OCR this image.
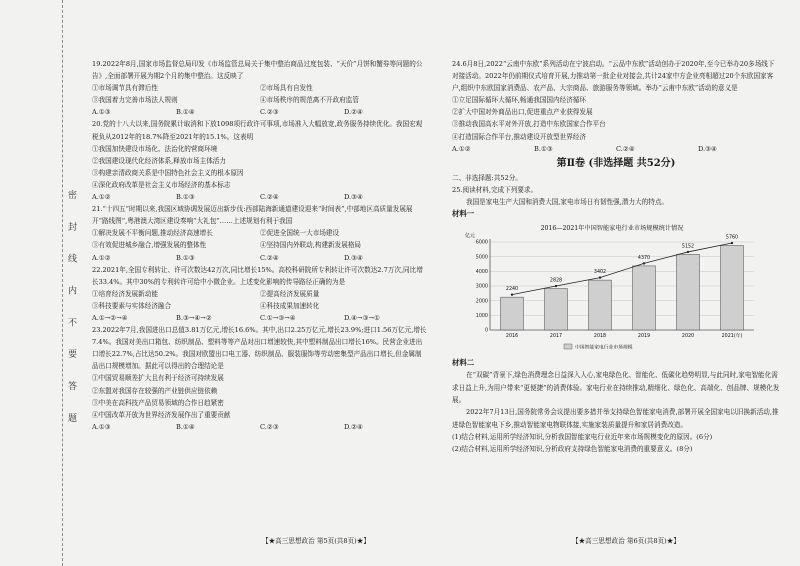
密 封 线 内 不 要 答 题

19.2022年8月,国家市场监督总局印发《市场监管总局关于集中整治商品过度包装、“天价”月饼和蟹券等问题的公告》,全面部署开展为期2个月的集中整治。这反映了

①市场调节具有滞后性	②市场具有自发性
③我国着力完善市场法人规则	④市场秩序的规范离不开政府监管
A.①③	B.①④	C.②③	D.②④

20.党的十八大以来,国务院累计取消和下放1098项行政许可事项,市场准入大幅放宽,政务服务持续优化。我国宏观税负从2012年的18.7%降至2021年的15.1%。这表明

①我国加快建设市场化、法治化的营商环境
②我国建设现代化经济体系,释放市场主体活力
③构建亲清政商关系是中国特色社会主义的根本原因
④深化政府改革是社会主义市场经济的基本标志
A.①②	B.①③	C.②④	D.③④

21.“十四五”时期以来,我国区域协调发展迈出新步伐:西部陆海新通道建设迎来“时间表”,中部地区高质量发展展开“路线图”,粤港澳大湾区建设奏响“大礼包”……上述规划有利于我国

①解决发展不平衡问题,推动经济高速增长	②促进全国统一大市场建设
③有效促进城乡融合,增强发展的整体性	④坚持国内外联动,构建新发展格局
A.①②	B.①③	C.②④	D.③④

22.2021年,全国专利转让、许可次数达42万次,同比增长15%。高校科研院所专利转让许可次数达2.7万次,同比增长33.4%。其中30%的专利转许可给中小微企业。上述变化影响的传导路径正确的为是

①培育经济发展新动能	②提高经济发展质量
③科技要素与实体经济融合	④科技成果加速转化
A.①→②→④	B.③→④→②	C.①→③→④	D.④→③→①

23.2022年7月,我国进出口总值3.81万亿元,增长16.6%。其中,出口2.25万亿元,增长23.9%;进口1.56万亿元,增长7.4%。我国对美出口箱包、纺织制品、塑料等等产品对出口增速较快,其中塑料制品出口增长16%。民营企业进出口增长22.7%,占比达50.2%。我国对欧盟出口电工器、纺织制品、服装服饰等劳动密集型产品出口增长,但金属制品出口规模增加。据此可以得出的合理结论是

①中国贸易顺差扩大且有利于经济可持续发展
②东盟对我国存在较强的产业链供应链依赖
③中美在高科技产品贸易领域的合作日趋紧密
④中国改革开放为世界经济发展作出了重要贡献
A.①③	B.①④	C.②③	D.②④

24.6月8日,2022“云南中东欧”系列活动在宁波启动。“云品中东欧”活动创办于2020年,至今已举办20多场线下对接活动。2022年仍前期仪式培育开展,力推动第一批企业对接会,共计24家中方企业亮相超过20个东欧国家客户,组织中东欧国家消费品、农产品、大宗商品、旅游服务等领域。举办“云甫中东欧”活动的意义是

①立足国际循环大循环,畅通我国国内经济循环
②扩大中国对外商品出口,促进重点产业获得发展
③推动我国高水平对外开放,打造中东欧国家合作平台
④打造国际合作平台,推动建设开放型世界经济
A.①②	B.①③	C.②④	D.③④
第Ⅱ卷 (非选择题 共52分)
二、非选择题:共52分。
25.阅读材料,完成下列要求。
我国是家电生产大国和消费大国,家电市场日有韧性强,潜力大的特点。
材料一
2016—2021年中国智能家电行业市场规模统计情况
亿元
0
1000
2000
3000
4000
5000
6000
2240
2016
2828
2017
3402
2018
4370
2019
5152
2020
5760
2021(年)
中国智能家电行业市场规模
材料二
在“双碳”背景下,绿色消费理念日益深入人心,家电绿色化、智能化、低碳化趋势明显,与此同时,家电智能化需求日益上升,为用户带来“更便捷”的消费体验。家电行业在持续推动,精细化、绿色化、高端化、创品牌、规模化发展。
2022年7月13日,国务院常务会议提出要多措并举支持绿色智能家电消费,部署开展全国家电以旧换新活动,推进绿色智能家电下乡,推动智能家电物联体接,实施家装质量提升和家居消费改造。
(1)结合材料,运用所学经济知识,分析我国智能家电行业近年来市场规模变化的原因。(6分)
(2)结合材料,运用所学经济知识,分析政府支持绿色智能家电消费的重要意义。(8分)
【★高三思想政治 第5页(共8页)★】	【★高三思想政治 第6页(共8页)★】
